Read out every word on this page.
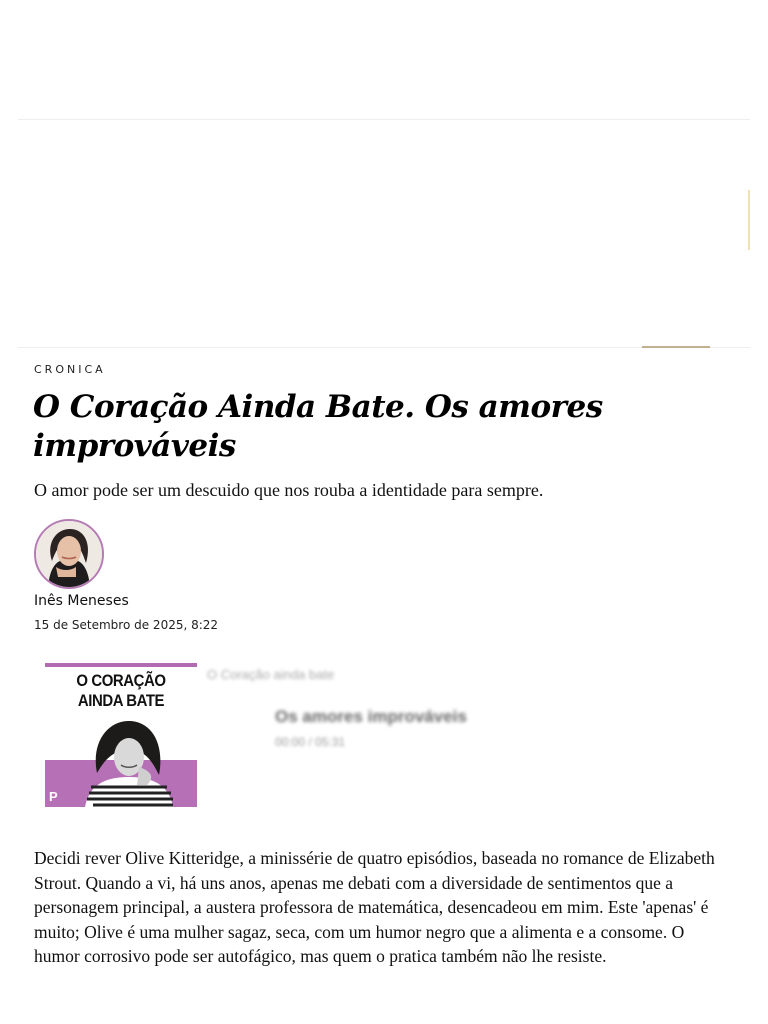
CRONICA
O Coração Ainda Bate. Os amores improváveis

O amor pode ser um descuido que nos rouba a identidade para sempre.

Inês Meneses
15 de Setembro de 2025, 8:22
O CORAÇÃO
AINDA BATE
P
O Coração ainda bate
Os amores improváveis
00:00 / 05:31

Decidi rever Olive Kitteridge, a minissérie de quatro episódios, baseada no romance de Elizabeth Strout. Quando a vi, há uns anos, apenas me debati com a diversidade de sentimentos que a personagem principal, a austera professora de matemática, desencadeou em mim. Este 'apenas' é muito; Olive é uma mulher sagaz, seca, com um humor negro que a alimenta e a consome. O humor corrosivo pode ser autofágico, mas quem o pratica também não lhe resiste.
